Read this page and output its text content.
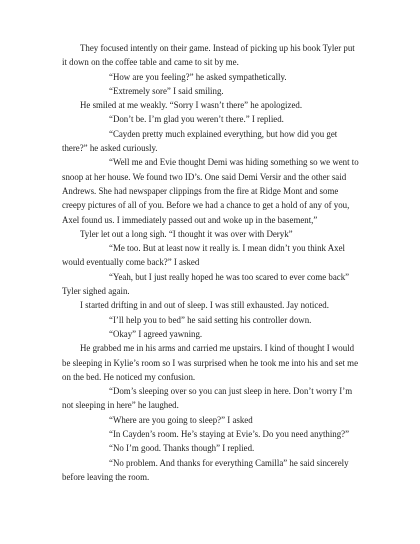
They focused intently on their game. Instead of picking up his book Tyler put it down on the coffee table and came to sit by me.

“How are you feeling?” he asked sympathetically.

“Extremely sore” I said smiling.

He smiled at me weakly. “Sorry I wasn’t there” he apologized.

“Don’t be. I’m glad you weren’t there.” I replied.

“Cayden pretty much explained everything, but how did you get there?” he asked curiously.

“Well me and Evie thought Demi was hiding something so we went to snoop at her house. We found two ID’s. One said Demi Versir and the other said Andrews. She had newspaper clippings from the fire at Ridge Mont and some creepy pictures of all of you. Before we had a chance to get a hold of any of you, Axel found us. I immediately passed out and woke up in the basement,”

Tyler let out a long sigh. “I thought it was over with Deryk”

“Me too. But at least now it really is. I mean didn’t you think Axel would eventually come back?” I asked

“Yeah, but I just really hoped he was too scared to ever come back”

Tyler sighed again.

I started drifting in and out of sleep. I was still exhausted. Jay noticed.

“I’ll help you to bed” he said setting his controller down.

“Okay” I agreed yawning.

He grabbed me in his arms and carried me upstairs. I kind of thought I would be sleeping in Kylie’s room so I was surprised when he took me into his and set me on the bed. He noticed my confusion.

“Dom’s sleeping over so you can just sleep in here. Don’t worry I’m not sleeping in here” he laughed.

“Where are you going to sleep?” I asked

“In Cayden’s room. He’s staying at Evie’s. Do you need anything?”

“No I’m good. Thanks though” I replied.

“No problem. And thanks for everything Camilla” he said sincerely before leaving the room.
